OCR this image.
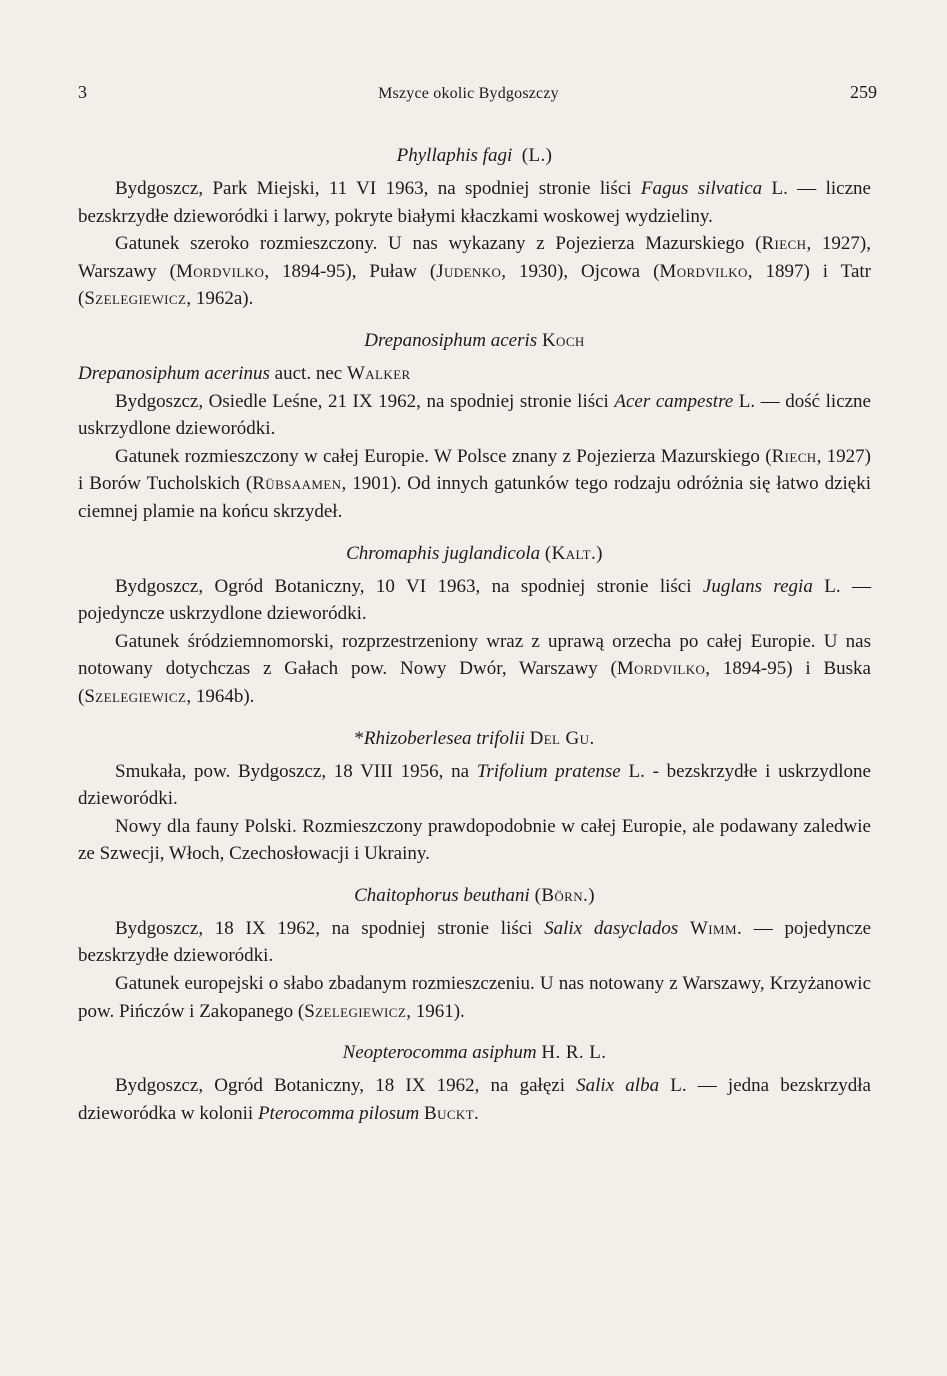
3	Mszyce okolic Bydgoszczy	259
Phyllaphis fagi (L.)

Bydgoszcz, Park Miejski, 11 VI 1963, na spodniej stronie liści Fagus silvatica L. — liczne bezskrzydłe dzieworódki i larwy, pokryte białymi kłaczkami woskowej wydzieliny.

Gatunek szeroko rozmieszczony. U nas wykazany z Pojezierza Mazurskiego (Riech, 1927), Warszawy (Mordvilko, 1894-95), Puław (Judenko, 1930), Ojcowa (Mordvilko, 1897) i Tatr (Szelegiewicz, 1962a).

Drepanosiphum aceris Koch

Drepanosiphum acerinus auct. nec Walker

Bydgoszcz, Osiedle Leśne, 21 IX 1962, na spodniej stronie liści Acer campestre L. — dość liczne uskrzydlone dzieworódki.

Gatunek rozmieszczony w całej Europie. W Polsce znany z Pojezierza Mazurskiego (Riech, 1927) i Borów Tucholskich (Rübsaamen, 1901). Od innych gatunków tego rodzaju odróżnia się łatwo dzięki ciemnej plamie na końcu skrzydeł.

Chromaphis juglandicola (Kalt.)

Bydgoszcz, Ogród Botaniczny, 10 VI 1963, na spodniej stronie liści Juglans regia L. — pojedyncze uskrzydlone dzieworódki.

Gatunek śródziemnomorski, rozprzestrzeniony wraz z uprawą orzecha po całej Europie. U nas notowany dotychczas z Gałach pow. Nowy Dwór, Warszawy (Mordvilko, 1894-95) i Buska (Szelegiewicz, 1964b).

*Rhizoberlesea trifolii Del Gu.

Smukała, pow. Bydgoszcz, 18 VIII 1956, na Trifolium pratense L. - bezskrzydłe i uskrzydlone dzieworódki.

Nowy dla fauny Polski. Rozmieszczony prawdopodobnie w całej Europie, ale podawany zaledwie ze Szwecji, Włoch, Czechosłowacji i Ukrainy.

Chaitophorus beuthani (Börn.)

Bydgoszcz, 18 IX 1962, na spodniej stronie liści Salix dasyclados Wimm. — pojedyncze bezskrzydłe dzieworódki.

Gatunek europejski o słabo zbadanym rozmieszczeniu. U nas notowany z Warszawy, Krzyżanowic pow. Pińczów i Zakopanego (Szelegiewicz, 1961).

Neopterocomma asiphum H. R. L.

Bydgoszcz, Ogród Botaniczny, 18 IX 1962, na gałęzi Salix alba L. — jedna bezskrzydła dzieworódka w kolonii Pterocomma pilosum Buckt.
